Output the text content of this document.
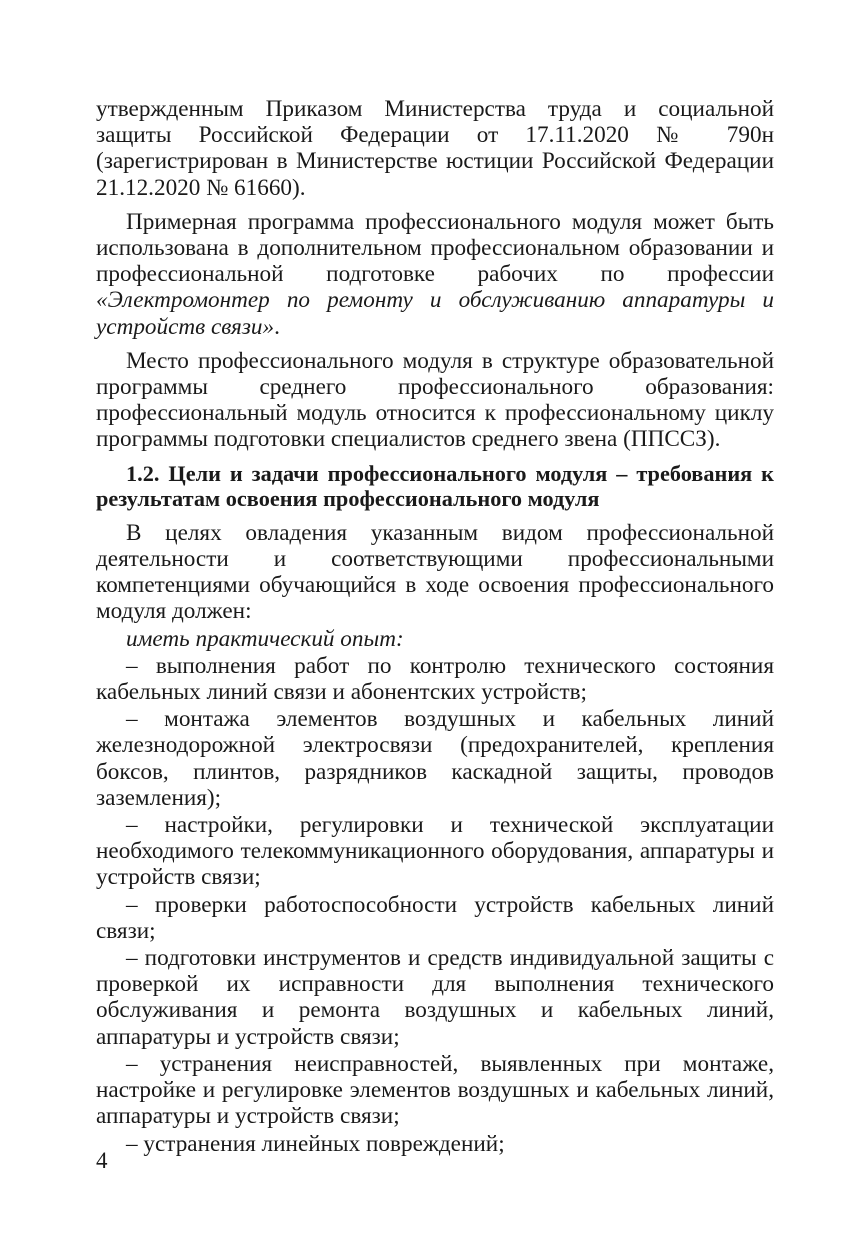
утвержденным Приказом Министерства труда и социальной защиты Российской Федерации от 17.11.2020 № 790н (зарегистрирован в Министерстве юстиции Российской Федерации 21.12.2020 № 61660).

Примерная программа профессионального модуля может быть использована в дополнительном профессиональном образовании и профессиональной подготовке рабочих по профессии «Электромонтер по ремонту и обслуживанию аппаратуры и устройств связи».

Место профессионального модуля в структуре образовательной программы среднего профессионального образования: профессиональный модуль относится к профессиональному циклу программы подготовки специалистов среднего звена (ППССЗ).

1.2. Цели и задачи профессионального модуля – требования к результатам освоения профессионального модуля

В целях овладения указанным видом профессиональной деятельности и соответствующими профессиональными компетенциями обучающийся в ходе освоения профессионального модуля должен:

иметь практический опыт:

– выполнения работ по контролю технического состояния кабельных линий связи и абонентских устройств;

– монтажа элементов воздушных и кабельных линий железнодорожной электросвязи (предохранителей, крепления боксов, плинтов, разрядников каскадной защиты, проводов заземления);

– настройки, регулировки и технической эксплуатации необходимого телекоммуникационного оборудования, аппаратуры и устройств связи;

– проверки работоспособности устройств кабельных линий связи;

– подготовки инструментов и средств индивидуальной защиты с проверкой их исправности для выполнения технического обслуживания и ремонта воздушных и кабельных линий, аппаратуры и устройств связи;

– устранения неисправностей, выявленных при монтаже, настройке и регулировке элементов воздушных и кабельных линий, аппаратуры и устройств связи;

– устранения линейных повреждений;

4
